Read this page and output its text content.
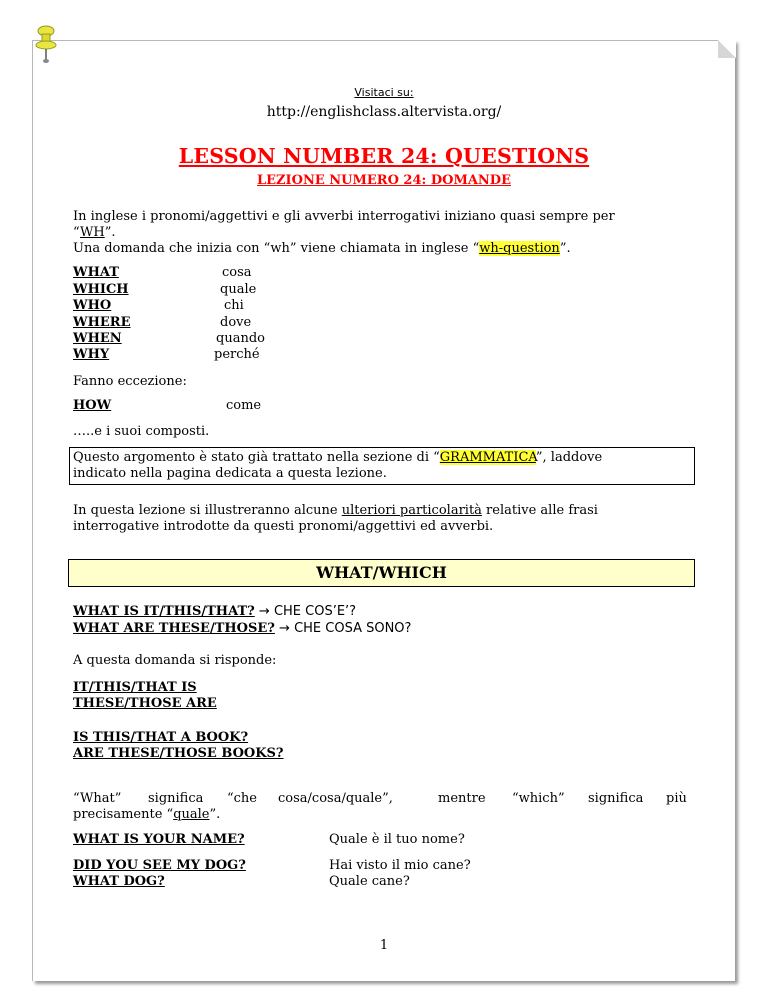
Visitaci su:
http://englishclass.altervista.org/
LESSON NUMBER 24: QUESTIONS
LEZIONE NUMERO 24: DOMANDE
In inglese i pronomi/aggettivi e gli avverbi interrogativi iniziano quasi sempre per
“WH”.
Una domanda che inizia con “wh” viene chiamata in inglese “wh-question”.
WHAT	cosa
WHICH	quale
WHO	chi
WHERE	dove
WHEN	quando
WHY	perché
Fanno eccezione:
HOW	come
…..e i suoi composti.
Questo argomento è stato già trattato nella sezione di “GRAMMATICA”, laddove
indicato nella pagina dedicata a questa lezione.
In questa lezione si illustreranno alcune ulteriori particolarità relative alle frasi
interrogative introdotte da questi pronomi/aggettivi ed avverbi.
WHAT/WHICH
WHAT IS IT/THIS/THAT? → CHE COS’E’?
WHAT ARE THESE/THOSE? → CHE COSA SONO?
A questa domanda si risponde:
IT/THIS/THAT IS
THESE/THOSE ARE
IS THIS/THAT A BOOK?
ARE THESE/THOSE BOOKS?
“What” significa “che cosa/cosa/quale”,	mentre “which” significa più
precisamente “quale”.
WHAT IS YOUR NAME?	Quale è il tuo nome?
DID YOU SEE MY DOG?	Hai visto il mio cane?
WHAT DOG?	Quale cane?
1
